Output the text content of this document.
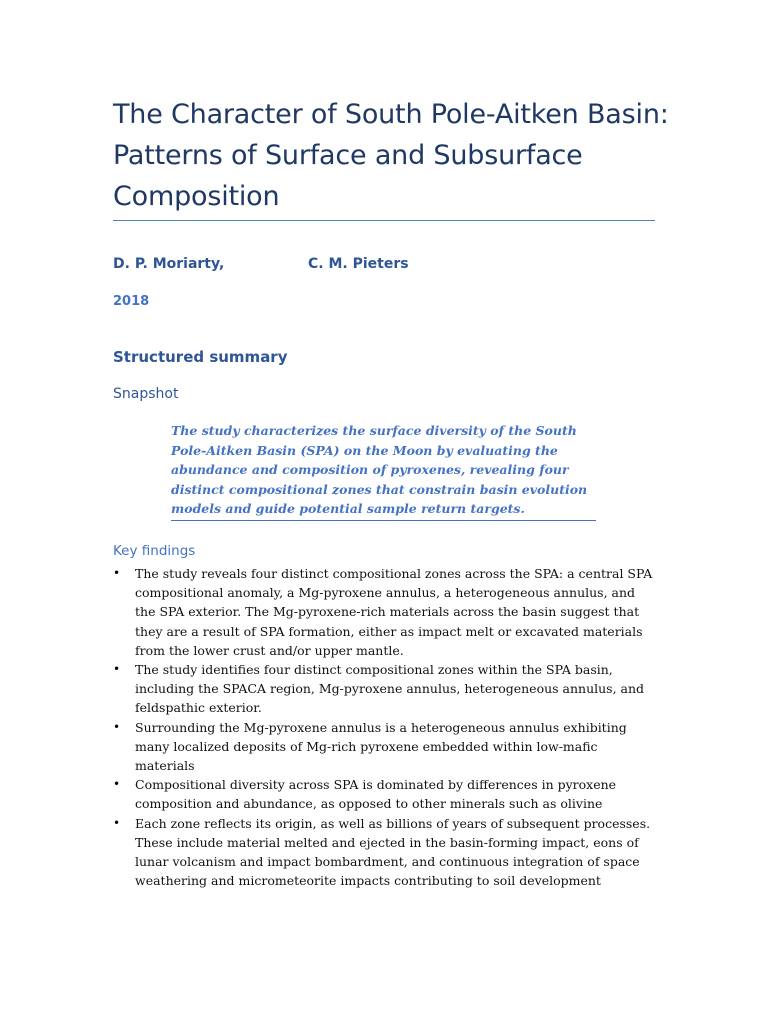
The Character of South Pole-Aitken Basin: Patterns of Surface and Subsurface Composition
D. P. Moriarty,	C. M. Pieters
2018
Structured summary
Snapshot

The study characterizes the surface diversity of the South Pole-Aitken Basin (SPA) on the Moon by evaluating the abundance and composition of pyroxenes, revealing four distinct compositional zones that constrain basin evolution models and guide potential sample return targets.

Key findings
• The study reveals four distinct compositional zones across the SPA: a central SPA compositional anomaly, a Mg-pyroxene annulus, a heterogeneous annulus, and the SPA exterior. The Mg-pyroxene-rich materials across the basin suggest that they are a result of SPA formation, either as impact melt or excavated materials from the lower crust and/or upper mantle.
• The study identifies four distinct compositional zones within the SPA basin, including the SPACA region, Mg-pyroxene annulus, heterogeneous annulus, and feldspathic exterior.
• Surrounding the Mg-pyroxene annulus is a heterogeneous annulus exhibiting many localized deposits of Mg-rich pyroxene embedded within low-mafic materials
• Compositional diversity across SPA is dominated by differences in pyroxene composition and abundance, as opposed to other minerals such as olivine
• Each zone reflects its origin, as well as billions of years of subsequent processes. These include material melted and ejected in the basin-forming impact, eons of lunar volcanism and impact bombardment, and continuous integration of space weathering and micrometeorite impacts contributing to soil development
